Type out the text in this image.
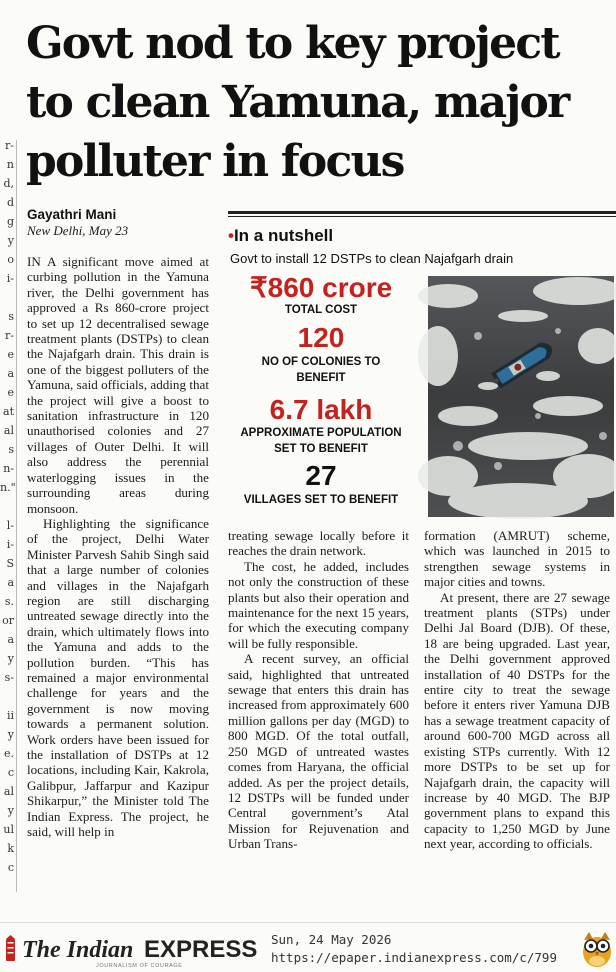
r-
n
d,
d
g
y
o
i-

s
r-
e
a
e
at
al
s
n-
n."

l-
i-
S
a
s.
or
a
y
s-

ii
y
e.
c
al
y
ul
k
c
Govt nod to key project to clean Yamuna, major polluter in focus
Gayathri Mani
New Delhi, May 23

IN A significant move aimed at curbing pollution in the Yamuna river, the Delhi government has approved a Rs 860-crore project to set up 12 decentralised sewage treatment plants (DSTPs) to clean the Najafgarh drain. This drain is one of the biggest polluters of the Yamuna, said officials, adding that the project will give a boost to sanitation infrastructure in 120 unauthorised colonies and 27 villages of Outer Delhi. It will also address the perennial waterlogging issues in the surrounding areas during monsoon.

Highlighting the significance of the project, Delhi Water Minister Parvesh Sahib Singh said that a large number of colonies and villages in the Najafgarh region are still discharging untreated sewage directly into the drain, which ultimately flows into the Yamuna and adds to the pollution burden. “This has remained a major environmental challenge for years and the government is now moving towards a permanent solution. Work orders have been issued for the installation of DSTPs at 12 locations, including Kair, Kakrola, Galibpur, Jaffarpur and Kazipur Shikarpur,” the Minister told The Indian Express. The project, he said, will help in

•In a nutshell
Govt to install 12 DSTPs to clean Najafgarh drain
₹860 crore
TOTAL COST
120
NO OF COLONIES TO BENEFIT
6.7 lakh
APPROXIMATE POPULATION SET TO BENEFIT
27
VILLAGES SET TO BENEFIT

treating sewage locally before it reaches the drain network.

The cost, he added, includes not only the construction of these plants but also their operation and maintenance for the next 15 years, for which the executing company will be fully responsible.

A recent survey, an official said, highlighted that untreated sewage that enters this drain has increased from approximately 600 million gallons per day (MGD) to 800 MGD. Of the total outfall, 250 MGD of untreated wastes comes from Haryana, the official added. As per the project details, 12 DSTPs will be funded under Central government’s Atal Mission for Rejuvenation and Urban Trans-

formation (AMRUT) scheme, which was launched in 2015 to strengthen sewage systems in major cities and towns.

At present, there are 27 sewage treatment plants (STPs) under Delhi Jal Board (DJB). Of these, 18 are being upgraded. Last year, the Delhi government approved installation of 40 DSTPs for the entire city to treat the sewage before it enters river Yamuna DJB has a sewage treatment capacity of around 600-700 MGD across all existing STPs currently. With 12 more DSTPs to be set up for Najafgarh drain, the capacity will increase by 40 MGD. The BJP government plans to expand this capacity to 1,250 MGD by June next year, according to officials.

The Indian EXPRESS
JOURNALISM OF COURAGE
Sun, 24 May 2026
https://epaper.indianexpress.com/c/799
